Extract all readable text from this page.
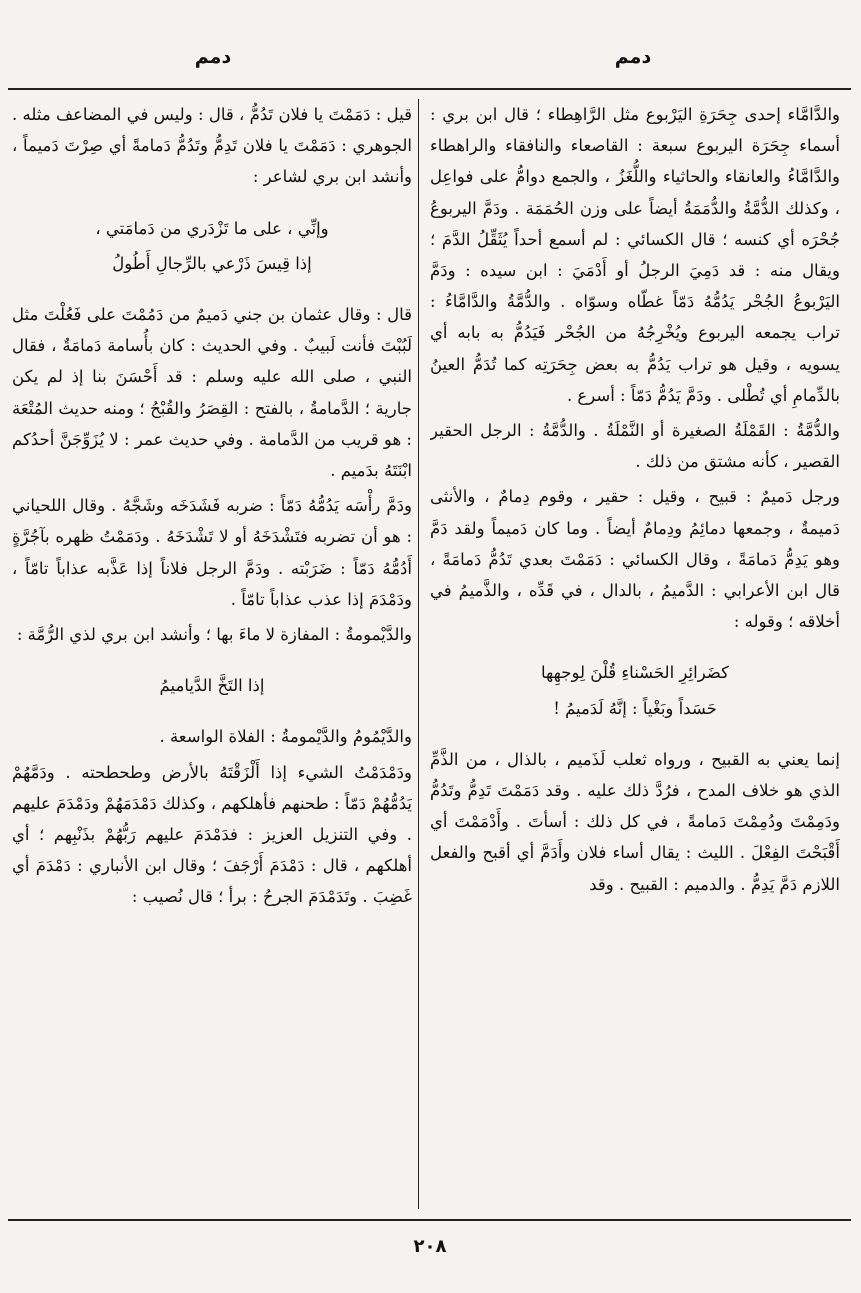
دمم
دمم

والدَّامَّاء إحدى جِحَرَةِ اليَرْبوع مثل الرَّاهِطاء ؛ قال ابن بري : أسماء جِحَرَة اليربوع سبعة : القاصعاء والنافقاء والراهطاء والدَّامَّاءُ والعانقاء والحاثياء واللُّغَزُ ، والجمع دوامُّ على فواعِل ، وكذلك الدُّمَّةُ والدُّمَمَةُ أيضاً على وزن الحُمَمَة . ودَمَّ اليربوعُ جُحْرَه أي كنسه ؛ قال الكسائي : لم أسمع أحداً يُثَقِّلُ الدَّمَ ؛ ويقال منه : قد دَمِيَ الرجلُ أو أَدْمَيَ : ابن سيده : ودَمَّ اليَرْبوعُ الجُحْر يَدُمُّهُ دَمّاً غطّاه وسوّاه . والدُّمَّةُ والدَّامَّاءُ : تراب يجمعه اليربوع ويُخْرِجُهُ من الجُحْر فَيَدُمُّ به بابه أي يسويه ، وقيل هو تراب يَدُمُّ به بعض جِحَرَتِه كما تُدَمُّ العينُ بالدِّمامِ أي تُطْلى . ودَمَّ يَدُمُّ دَمّاً : أسرع .

والدُّمَّةُ : القَمْلَةُ الصغيرة أو النَّمْلَةُ . والدُّمَّةُ : الرجل الحقير القصير ، كأنه مشتق من ذلك .

ورجل دَميمٌ : قبيح ، وقيل : حقير ، وقوم دِمامٌ ، والأنثى دَميمةٌ ، وجمعها دمائِمُ ودِمامٌ أيضاً . وما كان دَميماً ولقد دَمَّ وهو يَدِمُّ دَمامَةً ، وقال الكسائي : دَمَمْتَ بعدي تَدُمُّ دَمامَةً ، قال ابن الأعرابي : الدَّميمُ ، بالدال ، في قَدِّه ، والذَّميمُ في أخلاقه ؛ وقوله :

كضَرائِرِ الحَسْناءِ قُلْنَ لِوجهِها

حَسَداً وبَغْياً : إنَّهُ لَدَميمُ !

إنما يعني به القبيح ، ورواه ثعلب لَذَميم ، بالذال ، من الذَّمِّ الذي هو خلاف المدح ، فرُدَّ ذلك عليه . وقد دَمَمْتَ تَدِمُّ وتَدُمُّ ودَمِمْتَ ودُمِمْتَ دَمامةً ، في كل ذلك : أسأتَ . وأَدْمَمْتَ أي أَقْبَحْتَ الفِعْلَ . الليث : يقال أساء فلان وأَدَمَّ أي أقبح والفعل اللازم دَمَّ يَدِمُّ . والدميم : القبيح . وقد

قيل : دَمَمْتَ يا فلان تَدُمُّ ، قال : وليس في المضاعف مثله . الجوهري : دَمَمْتَ يا فلان تَدِمُّ وتَدُمُّ دَمامةً أي صِرْتَ دَميماً ، وأنشد ابن بري لشاعر :

وإنِّي ، على ما تَزْدَري من دَمامَتي ،

إذا قِيسَ ذَرْعي بالرِّجالِ أَطُولُ

قال : وقال عثمان بن جني دَميمٌ من دَمُمْتَ على فَعُلْتَ مثل لَبُبْتَ فأنت لَبيبٌ . وفي الحديث : كان بأُسامة دَمامَةٌ ، فقال النبي ، صلى الله عليه وسلم : قد أَحْسَنَ بنا إذ لم يكن جارية ؛ الدَّمامةُ ، بالفتح : القِصَرُ والقُبْحُ ؛ ومنه حديث المُتْعَة : هو قريب من الدَّمامة . وفي حديث عمر : لا يُزَوِّجَنَّ أحدُكم ابْنَتَهُ بدَميم .

ودَمَّ رأْسَه يَدُمُّهُ دَمّاً : ضربه فَشَدَخَه وشَجَّهُ . وقال اللحياني : هو أن تضربه فتَشْدَخَهُ أو لا تَشْدَخَهُ . ودَمَمْتُ ظهره بآجُرَّةٍ أَدُمُّهُ دَمّاً : ضَرَبْته . ودَمَّ الرجل فلاناً إذا عَذَّبه عذاباً تامّاً ، ودَمْدَمَ إذا عذب عذاباً تامّاً .

والدَّيْمومةُ : المفازة لا ماءَ بها ؛ وأنشد ابن بري لذي الرُّمَّة :

إذا التَخَّ الدَّياميمُ

والدَّيْمُومُ والدَّيْمومةُ : الفلاة الواسعة .

ودَمْدَمْتُ الشيء إذا أَلْزَقْتَهُ بالأرض وطحطحته . ودَمَّهُمْ يَدُمُّهُمْ دَمّاً : طحنهم فأهلكهم ، وكذلك دَمْدَمَهُمْ ودَمْدَمَ عليهم . وفي التنزيل العزيز : فدَمْدَمَ عليهم رَبُّهُمْ بذَنْبِهم ؛ أي أهلكهم ، قال : دَمْدَمَ أَرْجَفَ ؛ وقال ابن الأنباري : دَمْدَمَ أي غَضِبَ . وتَدَمْدَمَ الجرحُ : برأ ؛ قال نُصيب :

٢٠٨
